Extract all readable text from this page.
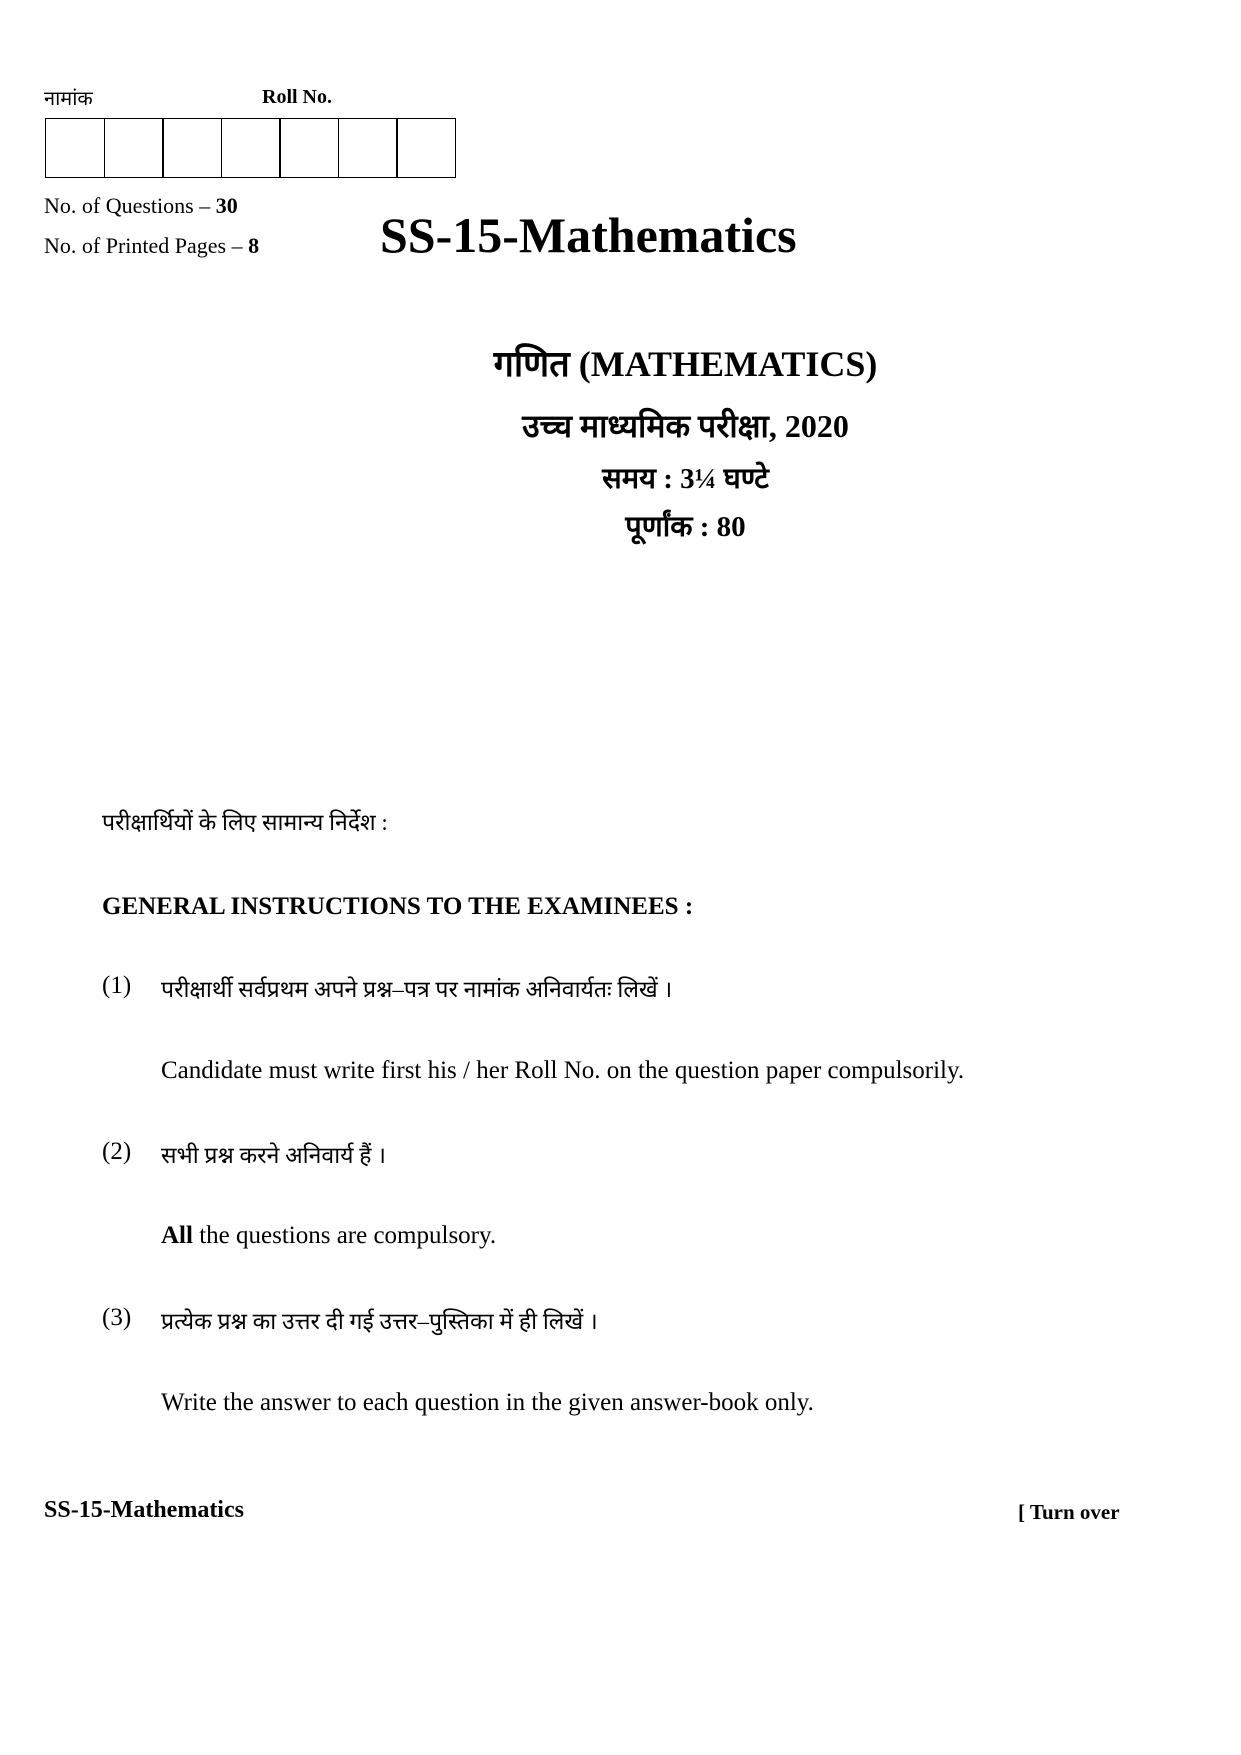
नामांक	Roll No.
No. of Questions – 30
No. of Printed Pages – 8 SS-15-Mathematics
गणित (MATHEMATICS)
उच्च माध्यमिक परीक्षा, 2020
समय : 3¼ घण्टे
पूर्णांक : 80
परीक्षार्थियों के लिए सामान्य निर्देश :
GENERAL INSTRUCTIONS TO THE EXAMINEES :
(1) परीक्षार्थी सर्वप्रथम अपने प्रश्न–पत्र पर नामांक अनिवार्यतः लिखें ।
Candidate must write first his / her Roll No. on the question paper compulsorily.
(2) सभी प्रश्न करने अनिवार्य हैं ।
All the questions are compulsory.
(3) प्रत्येक प्रश्न का उत्तर दी गई उत्तर–पुस्तिका में ही लिखें ।
Write the answer to each question in the given answer-book only.
SS-15-Mathematics	[ Turn over
